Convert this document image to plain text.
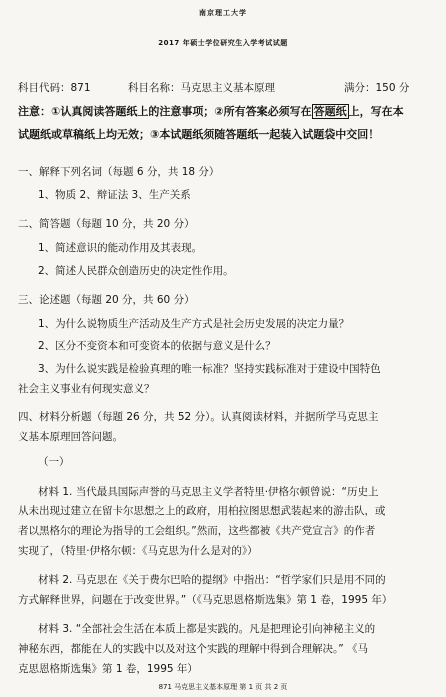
南京理工大学
2017 年硕士学位研究生入学考试试题
科目代码：871	科目名称：马克思主义基本原理	满分：150 分
注意：①认真阅读答题纸上的注意事项；②所有答案必须写在 答题纸 上，写在本
试题纸或草稿纸上均无效；③本试题纸须随答题纸一起装入试题袋中交回！
一、解释下列名词（每题 6 分，共 18 分）
1、物质 2、辩证法 3、生产关系
二、简答题（每题 10 分，共 20 分）
1、简述意识的能动作用及其表现。
2、简述人民群众创造历史的决定性作用。
三、论述题（每题 20 分，共 60 分）
1、为什么说物质生产活动及生产方式是社会历史发展的决定力量？
2、区分不变资本和可变资本的依据与意义是什么？
3、为什么说实践是检验真理的唯一标准？坚持实践标准对于建设中国特色
社会主义事业有何现实意义？
四、材料分析题（每题 26 分，共 52 分）。认真阅读材料，并据所学马克思主
义基本原理回答问题。
（一）
材料 1. 当代最具国际声誉的马克思主义学者特里·伊格尔顿曾说：“历史上
从未出现过建立在留卡尔思想之上的政府，用柏拉图思想武装起来的游击队，或
者以黑格尔的理论为指导的工会组织。”然而，这些都被《共产党宣言》的作者
实现了，（特里·伊格尔顿：《马克思为什么是对的》）
材料 2. 马克思在《关于费尔巴哈的提纲》中指出：“哲学家们只是用不同的
方式解释世界，问题在于改变世界。”（《马克思恩格斯选集》第 1 卷，1995 年）
材料 3. “全部社会生活在本质上都是实践的。凡是把理论引向神秘主义的
神秘东西，都能在人的实践中以及对这个实践的理解中得到合理解决。” 《马
克思恩格斯选集》第 1 卷，1995 年）
871 马克思主义基本原理 第 1 页 共 2 页
